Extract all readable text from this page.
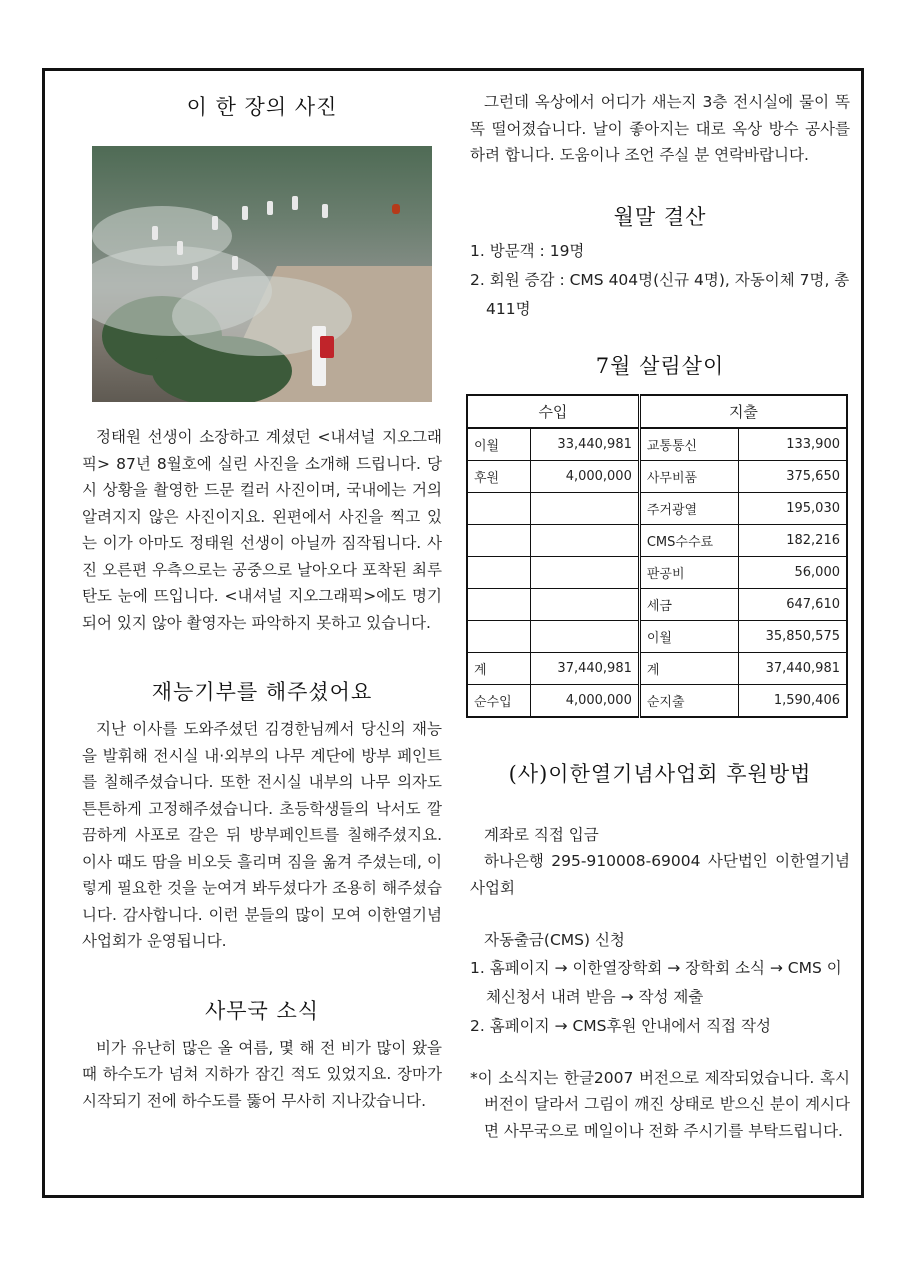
이 한 장의 사진

정태원 선생이 소장하고 계셨던 <내셔널 지오그래픽> 87년 8월호에 실린 사진을 소개해 드립니다. 당시 상황을 촬영한 드문 컬러 사진이며, 국내에는 거의 알려지지 않은 사진이지요. 왼편에서 사진을 찍고 있는 이가 아마도 정태원 선생이 아닐까 짐작됩니다. 사진 오른편 우측으로는 공중으로 날아오다 포착된 최루탄도 눈에 뜨입니다. <내셔널 지오그래픽>에도 명기되어 있지 않아 촬영자는 파악하지 못하고 있습니다.

재능기부를 해주셨어요

지난 이사를 도와주셨던 김경한님께서 당신의 재능을 발휘해 전시실 내·외부의 나무 계단에 방부 페인트를 칠해주셨습니다. 또한 전시실 내부의 나무 의자도 튼튼하게 고정해주셨습니다. 초등학생들의 낙서도 깔끔하게 사포로 갈은 뒤 방부페인트를 칠해주셨지요. 이사 때도 땀을 비오듯 흘리며 짐을 옮겨 주셨는데, 이렇게 필요한 것을 눈여겨 봐두셨다가 조용히 해주셨습니다. 감사합니다. 이런 분들의 많이 모여 이한열기념사업회가 운영됩니다.

사무국 소식

비가 유난히 많은 올 여름, 몇 해 전 비가 많이 왔을 때 하수도가 넘쳐 지하가 잠긴 적도 있었지요. 장마가 시작되기 전에 하수도를 뚫어 무사히 지나갔습니다.

그런데 옥상에서 어디가 새는지 3층 전시실에 물이 똑똑 떨어졌습니다. 날이 좋아지는 대로 옥상 방수 공사를 하려 합니다. 도움이나 조언 주실 분 연락바랍니다.

월말 결산
1. 방문객 : 19명
2. 회원 증감 : CMS 404명(신규 4명), 자동이체 7명, 총 411명
7월 살림살이
수입		지출	
이월	33,440,981	교통통신	133,900
후원	4,000,000	사무비품	375,650
		주거광열	195,030
		CMS수수료	182,216
		판공비	56,000
		세금	647,610
		이월	35,850,575
계	37,440,981	계	37,440,981
순수입	4,000,000	순지출	1,590,406
(사)이한열기념사업회 후원방법

계좌로 직접 입금

하나은행 295-910008-69004 사단법인 이한열기념사업회

자동출금(CMS) 신청

1. 홈페이지 → 이한열장학회 → 장학회 소식 → CMS 이체신청서 내려 받음 → 작성 제출
2. 홈페이지 → CMS후원 안내에서 직접 작성

*이 소식지는 한글2007 버전으로 제작되었습니다. 혹시 버전이 달라서 그림이 깨진 상태로 받으신 분이 계시다면 사무국으로 메일이나 전화 주시기를 부탁드립니다.
